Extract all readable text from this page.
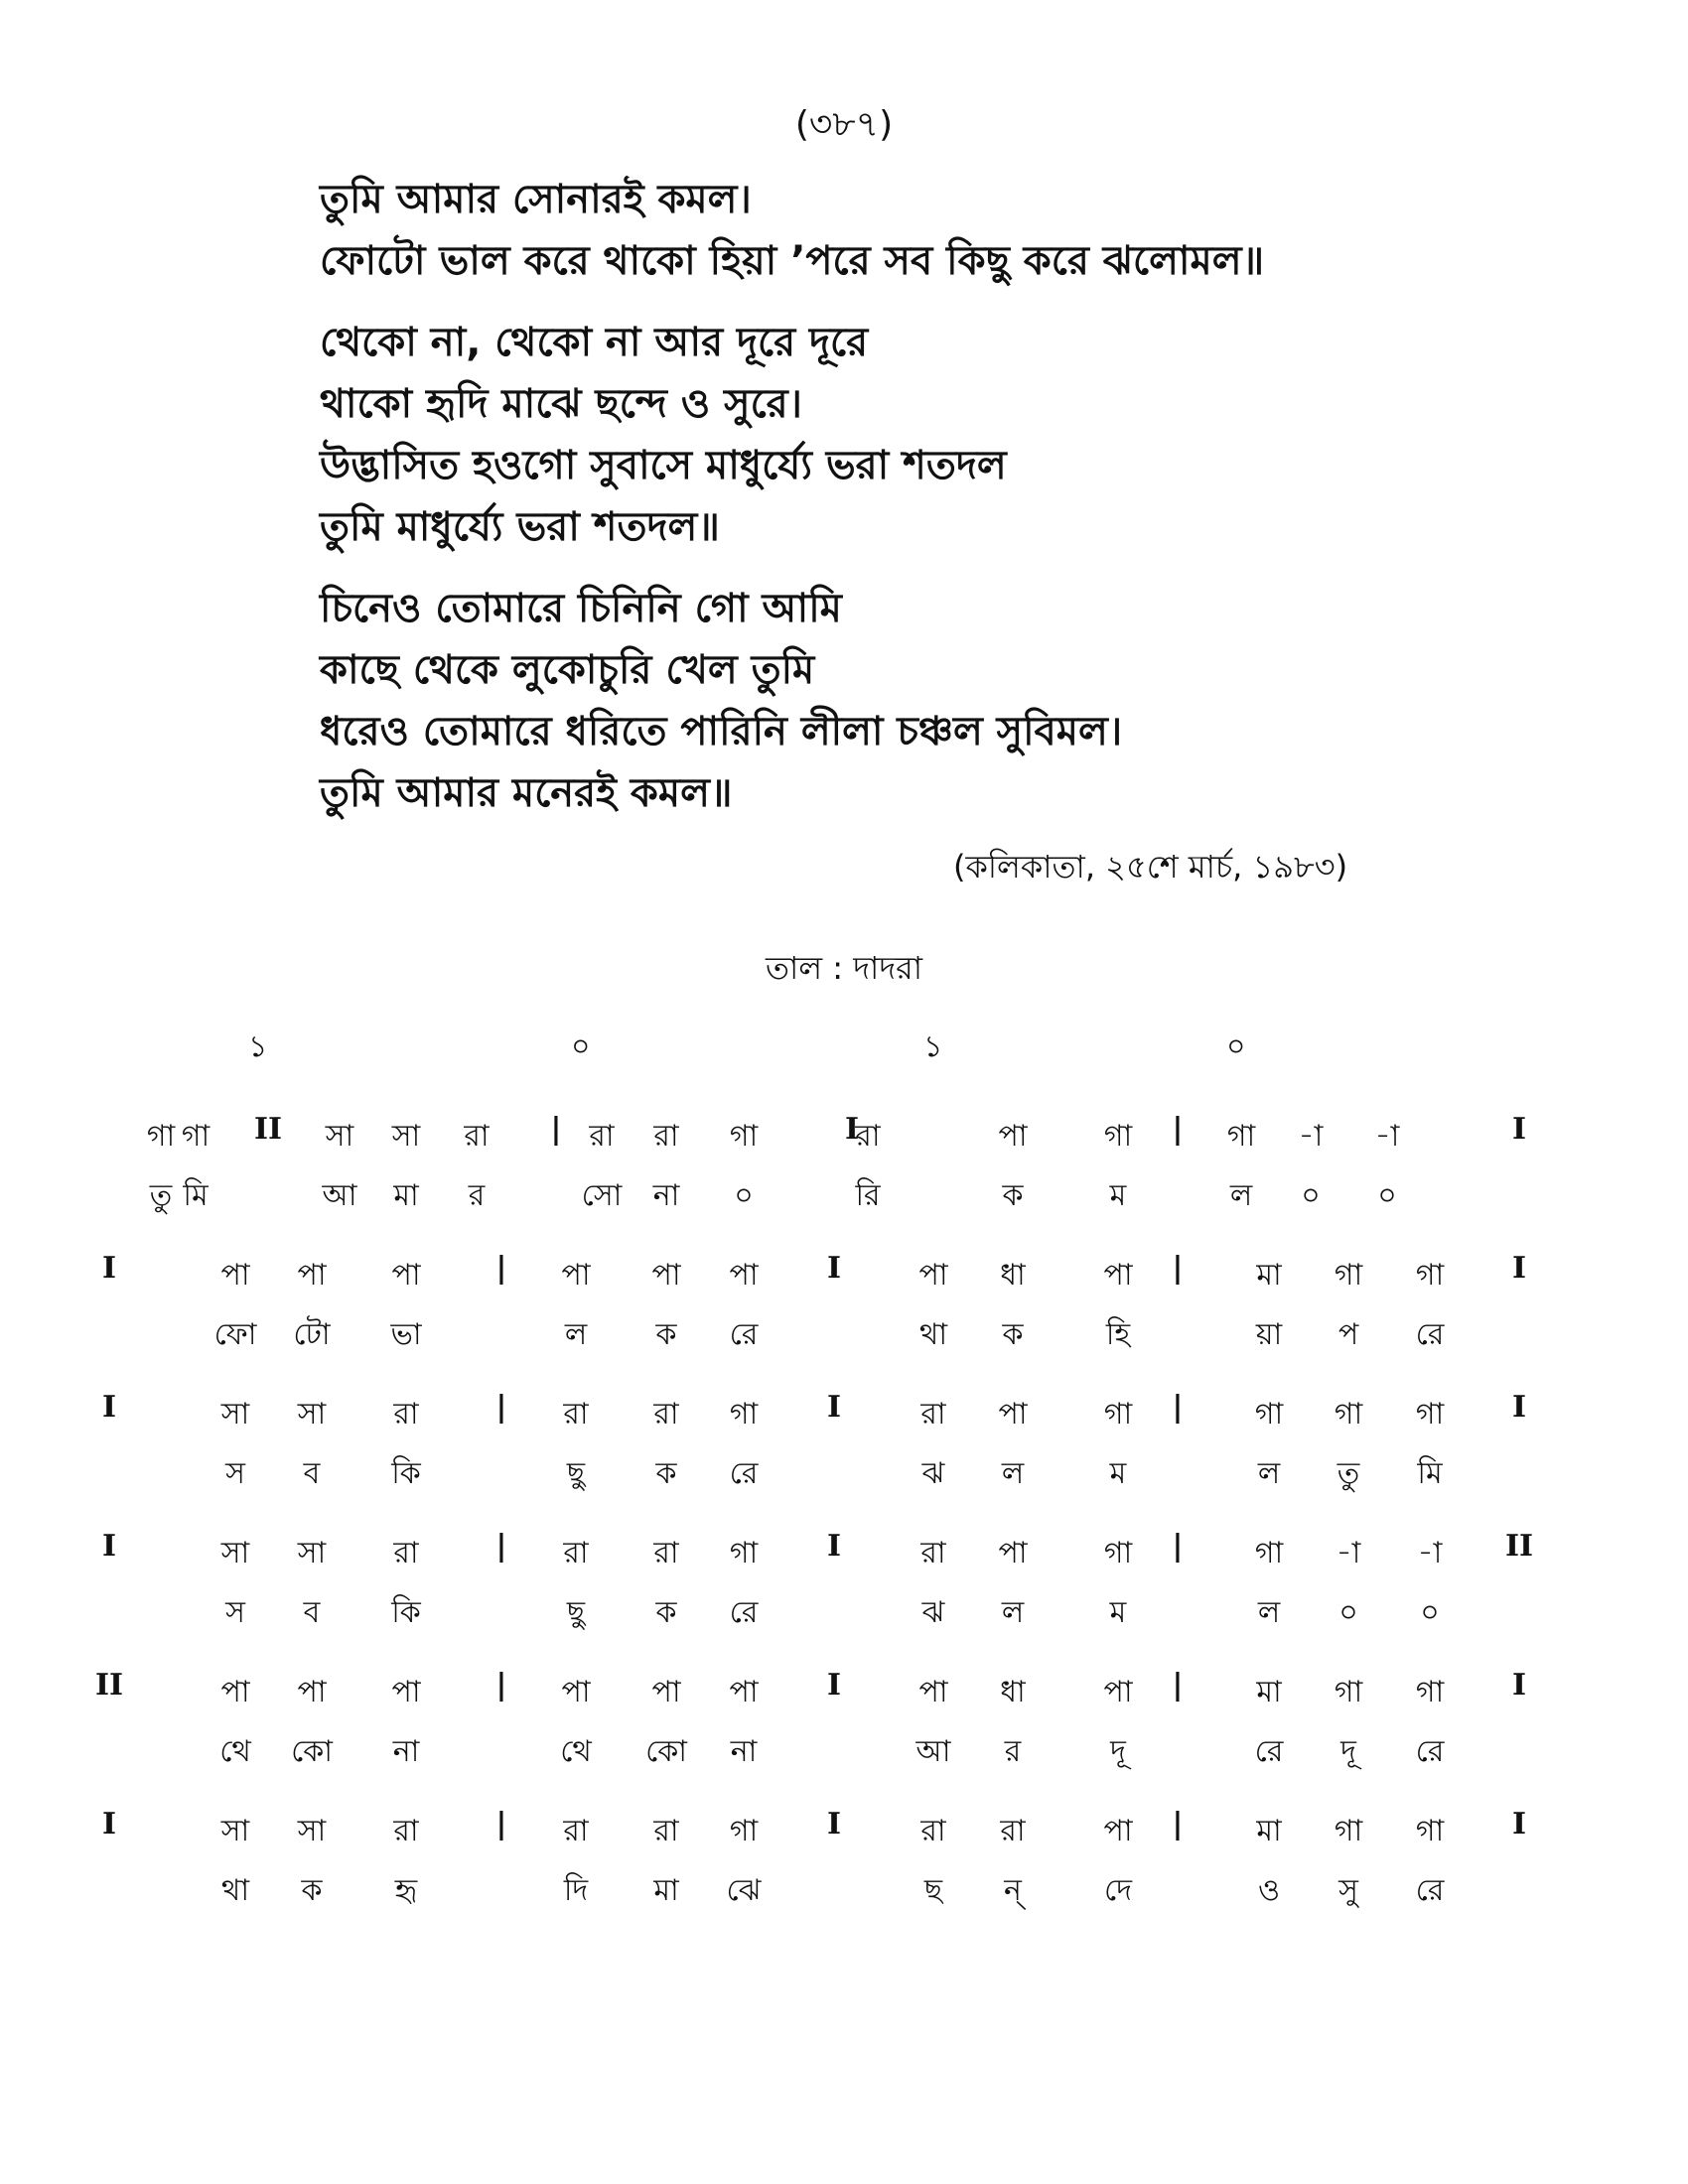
(৩৮৭)
তুমি আমার সোনারই কমল।
ফোটো ভাল করে থাকো হিয়া ’পরে সব কিছু করে ঝলোমল॥
থেকো না, থেকো না আর দূরে দূরে
থাকো হৃদি মাঝে ছন্দে ও সুরে।
উদ্ভাসিত হওগো সুবাসে মাধুর্য্যে ভরা শতদল
তুমি মাধুর্য্যে ভরা শতদল॥
চিনেও তোমারে চিনিনি গো আমি
কাছে থেকে লুকোচুরি খেল তুমি
ধরেও তোমারে ধরিতে পারিনি লীলা চঞ্চল সুবিমল।
তুমি আমার মনেরই কমল॥
(কলিকাতা, ২৫শে মার্চ, ১৯৮৩)
তাল : দাদরা
১	০	১	০
II	|	I	|	I
গা গা	সা সা রা	রা রা গা	রা	পা	গা	গা -া -া
তু মি	আ মা র	সো না ০	রি	ক	ম	ল ০ ০
I	|	I	|	I
পা পা পা	পা পা পা	পা ধা	পা	মা গা গা
ফো টো ভা	ল ক রে	থা ক	হি	য়া প রে
I	|	I	|	I
সা সা রা	রা রা গা	রা পা	গা	গা গা গা
স ব কি	ছু ক রে	ঝ ল	ম	ল তু মি
I	|	I	|	II
সা সা রা	রা রা গা	রা পা	গা	গা -া -া
স ব কি	ছু ক রে	ঝ ল	ম	ল ০ ০
II	|	I	|	I
পা পা পা	পা পা পা	পা ধা	পা	মা গা গা
থে কো না	থে কো না	আ র	দূ	রে দূ রে
I	|	I	|	I
সা সা রা	রা রা গা	রা রা	পা	মা গা গা
থা ক হৃ	দি মা ঝে	ছ ন্	দে	ও সু রে
